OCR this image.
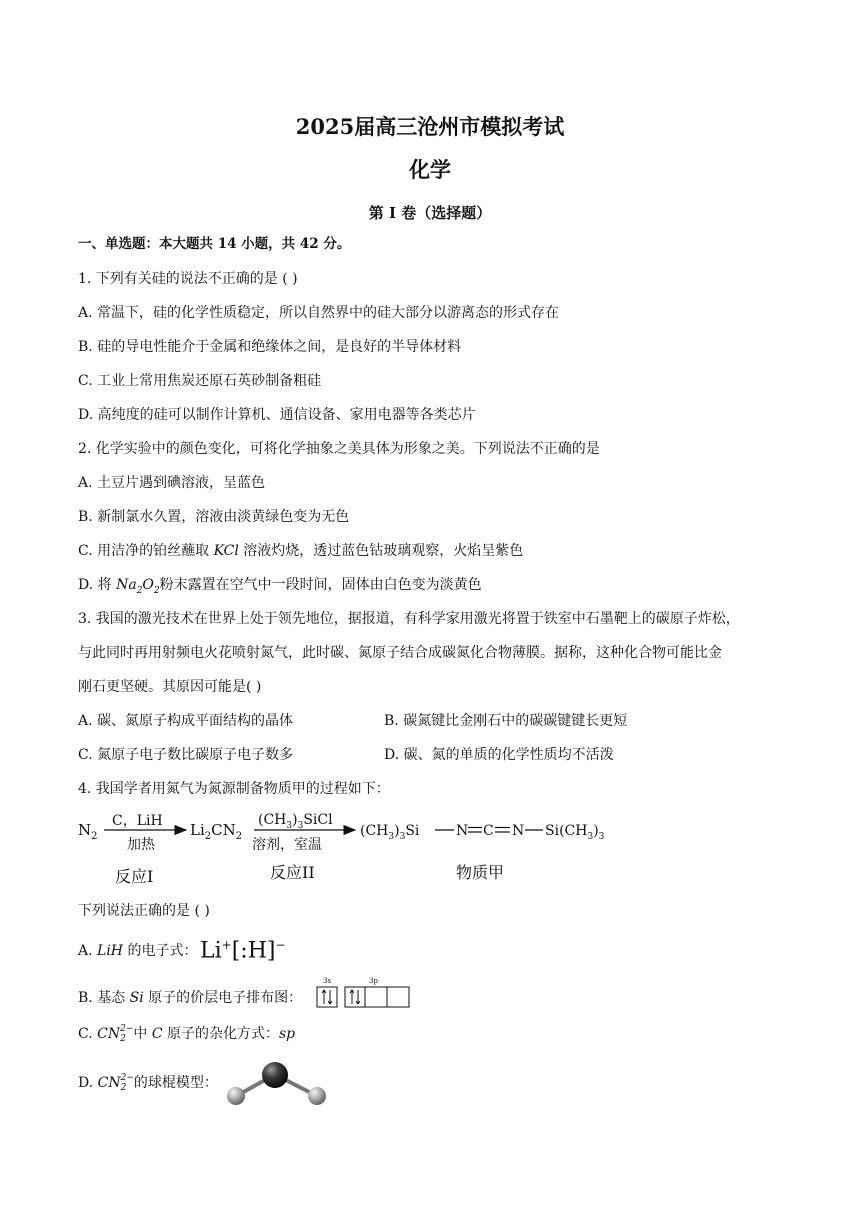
2025届高三沧州市模拟考试
化学
第 I 卷（选择题）
一、单选题：本大题共 14 小题，共 42 分。
1. 下列有关硅的说法不正确的是 ( )
A. 常温下，硅的化学性质稳定，所以自然界中的硅大部分以游离态的形式存在
B. 硅的导电性能介于金属和绝缘体之间，是良好的半导体材料
C. 工业上常用焦炭还原石英砂制备粗硅
D. 高纯度的硅可以制作计算机、通信设备、家用电器等各类芯片
2. 化学实验中的颜色变化，可将化学抽象之美具体为形象之美。下列说法不正确的是
A. 土豆片遇到碘溶液，呈蓝色
B. 新制氯水久置，溶液由淡黄绿色变为无色
C. 用洁净的铂丝蘸取 KCl 溶液灼烧，透过蓝色钴玻璃观察，火焰呈紫色
D. 将 $Na_2O_2$粉末露置在空气中一段时间，固体由白色变为淡黄色
3. 我国的激光技术在世界上处于领先地位，据报道，有科学家用激光将置于铁室中石墨靶上的碳原子炸松，
与此同时再用射频电火花喷射氮气，此时碳、氮原子结合成碳氮化合物薄膜。据称，这种化合物可能比金
刚石更坚硬。其原因可能是( )
A. 碳、氮原子构成平面结构的晶体	B. 碳氮键比金刚石中的碳碳键键长更短
C. 氮原子电子数比碳原子电子数多	D. 碳、氮的单质的化学性质均不活泼
4. 我国学者用氮气为氮源制备物质甲的过程如下：
$N_2$
C，LiH
加热
$Li_2CN_2$
$(CH_3)_3SiCl$
溶剂，室温
$(CH_3)_3Si$	N C N $Si(CH_3)_3$
反应I	反应II	物质甲
下列说法正确的是 ( )
A. LiH 的电子式： Li+[:H]−
B. 基态 Si 原子的价层电子排布图：
3s	3p
C. CN 2−
2 中 C 原子的杂化方式：sp
D. CN 2−
2 的球棍模型：
